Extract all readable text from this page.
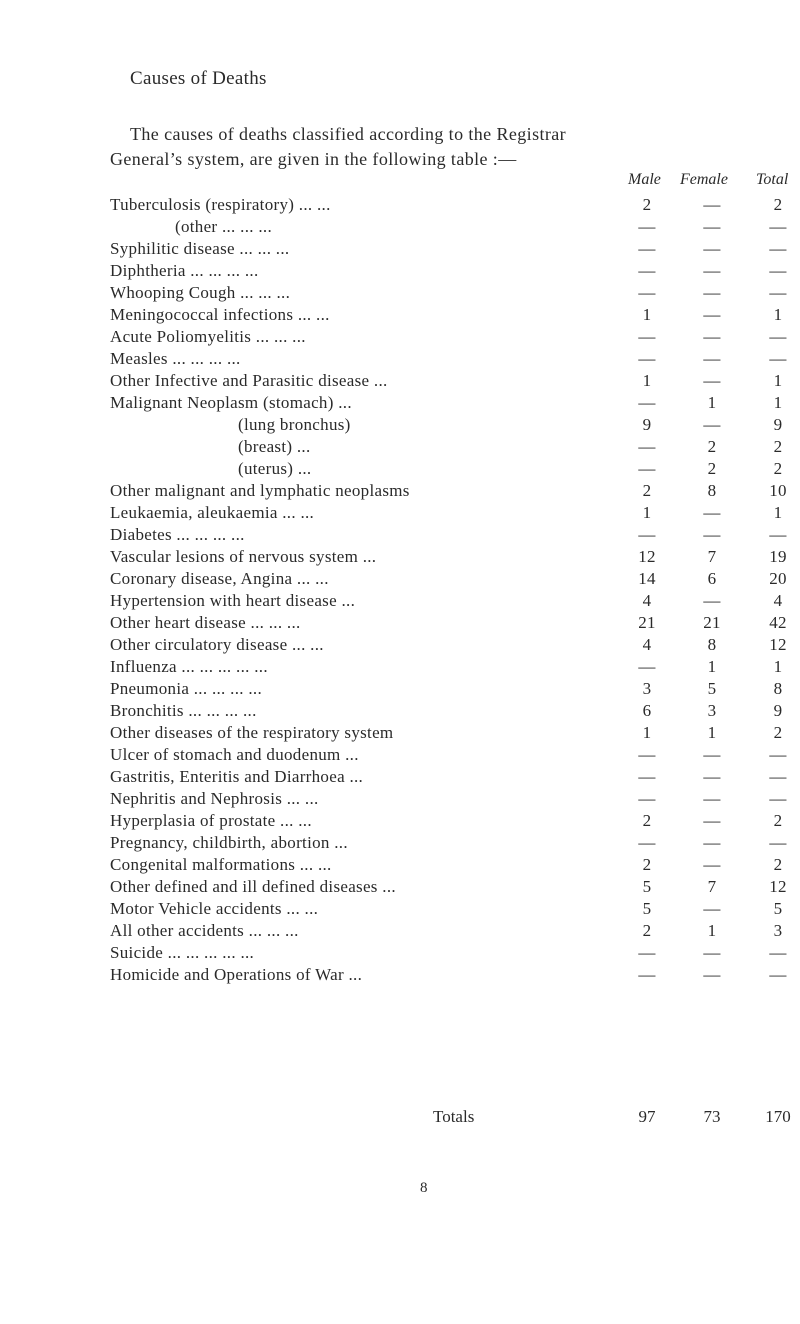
Causes of Deaths
The causes of deaths classified according to the Registrar
General’s system, are given in the following table :—
Male Female Total
Tuberculosis (respiratory) ... ...	2	—	2
(other ... ... ...	—	—	—
Syphilitic disease ... ... ...	—	—	—
Diphtheria ... ... ... ...	—	—	—
Whooping Cough ... ... ...	—	—	—
Meningococcal infections ... ...	1	—	1
Acute Poliomyelitis ... ... ...	—	—	—
Measles ... ... ... ...	—	—	—
Other Infective and Parasitic disease ...	1	—	1
Malignant Neoplasm (stomach) ...	—	1	1
(lung bronchus)	9	—	9
(breast) ...	—	2	2
(uterus) ...	—	2	2
Other malignant and lymphatic neoplasms	2	8	10
Leukaemia, aleukaemia ... ...	1	—	1
Diabetes ... ... ... ...	—	—	—
Vascular lesions of nervous system ...	12	7	19
Coronary disease, Angina ... ...	14	6	20
Hypertension with heart disease ...	4	—	4
Other heart disease ... ... ...	21	21	42
Other circulatory disease ... ...	4	8	12
Influenza ... ... ... ... ...	—	1	1
Pneumonia ... ... ... ...	3	5	8
Bronchitis ... ... ... ...	6	3	9
Other diseases of the respiratory system	1	1	2
Ulcer of stomach and duodenum ...	—	—	—
Gastritis, Enteritis and Diarrhoea ...	—	—	—
Nephritis and Nephrosis ... ...	—	—	—
Hyperplasia of prostate ... ...	2	—	2
Pregnancy, childbirth, abortion ...	—	—	—
Congenital malformations ... ...	2	—	2
Other defined and ill defined diseases ...	5	7	12
Motor Vehicle accidents ... ...	5	—	5
All other accidents ... ... ...	2	1	3
Suicide ... ... ... ... ...	—	—	—
Homicide and Operations of War ...	—	—	—
Totals	97	73	170
8
